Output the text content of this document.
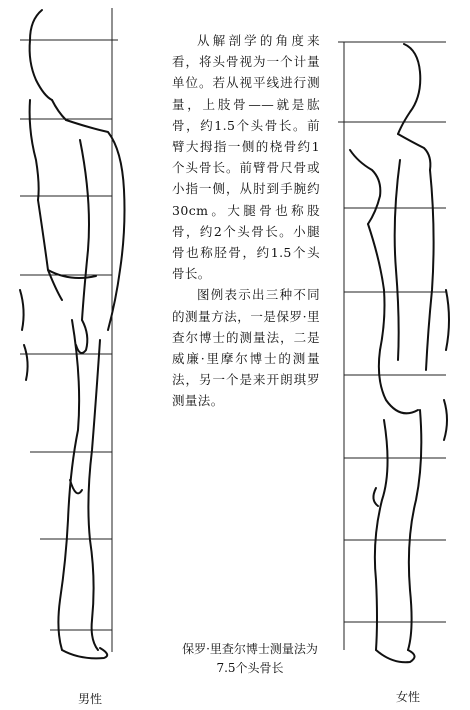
从解剖学的角度来看，将头骨视为一个计量单位。若从视平线进行测量，上肢骨——就是肱骨，约1.5个头骨长。前臂大拇指一侧的桡骨约1个头骨长。前臂骨尺骨或小指一侧，从肘到手腕约30cm。大腿骨也称股骨，约2个头骨长。小腿骨也称胫骨，约1.5个头骨长。

图例表示出三种不同的测量方法，一是保罗·里查尔博士的测量法，二是威廉·里摩尔博士的测量法，另一个是来开朗琪罗测量法。

保罗·里查尔博士测量法为
7.5个头骨长
男性	女性
